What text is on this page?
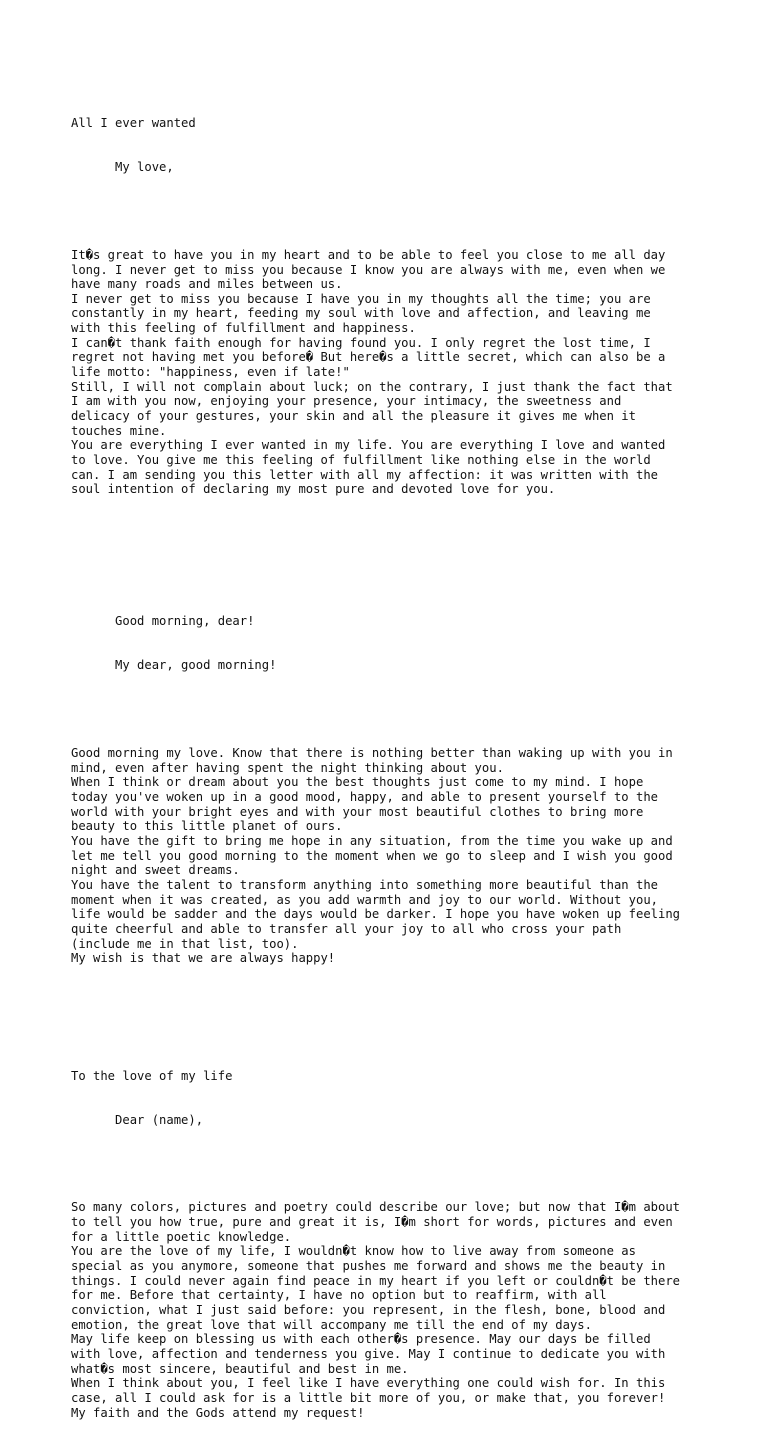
All I ever wanted

My love,

It�s great to have you in my heart and to be able to feel you close to me all day
long. I never get to miss you because I know you are always with me, even when we
have many roads and miles between us.
I never get to miss you because I have you in my thoughts all the time; you are
constantly in my heart, feeding my soul with love and affection, and leaving me
with this feeling of fulfillment and happiness.
I can�t thank faith enough for having found you. I only regret the lost time, I
regret not having met you before� But here�s a little secret, which can also be a
life motto: "happiness, even if late!"
Still, I will not complain about luck; on the contrary, I just thank the fact that
I am with you now, enjoying your presence, your intimacy, the sweetness and
delicacy of your gestures, your skin and all the pleasure it gives me when it
touches mine.
You are everything I ever wanted in my life. You are everything I love and wanted
to love. You give me this feeling of fulfillment like nothing else in the world
can. I am sending you this letter with all my affection: it was written with the
soul intention of declaring my most pure and devoted love for you.

Good morning, dear!

My dear, good morning!

Good morning my love. Know that there is nothing better than waking up with you in
mind, even after having spent the night thinking about you.
When I think or dream about you the best thoughts just come to my mind. I hope
today you've woken up in a good mood, happy, and able to present yourself to the
world with your bright eyes and with your most beautiful clothes to bring more
beauty to this little planet of ours.
You have the gift to bring me hope in any situation, from the time you wake up and
let me tell you good morning to the moment when we go to sleep and I wish you good
night and sweet dreams.
You have the talent to transform anything into something more beautiful than the
moment when it was created, as you add warmth and joy to our world. Without you,
life would be sadder and the days would be darker. I hope you have woken up feeling
quite cheerful and able to transfer all your joy to all who cross your path
(include me in that list, too).
My wish is that we are always happy!

To the love of my life

Dear (name),

So many colors, pictures and poetry could describe our love; but now that I�m about
to tell you how true, pure and great it is, I�m short for words, pictures and even
for a little poetic knowledge.
You are the love of my life, I wouldn�t know how to live away from someone as
special as you anymore, someone that pushes me forward and shows me the beauty in
things. I could never again find peace in my heart if you left or couldn�t be there
for me. Before that certainty, I have no option but to reaffirm, with all
conviction, what I just said before: you represent, in the flesh, bone, blood and
emotion, the great love that will accompany me till the end of my days.
May life keep on blessing us with each other�s presence. May our days be filled
with love, affection and tenderness you give. May I continue to dedicate you with
what�s most sincere, beautiful and best in me.
When I think about you, I feel like I have everything one could wish for. In this
case, all I could ask for is a little bit more of you, or make that, you forever!
My faith and the Gods attend my request!
